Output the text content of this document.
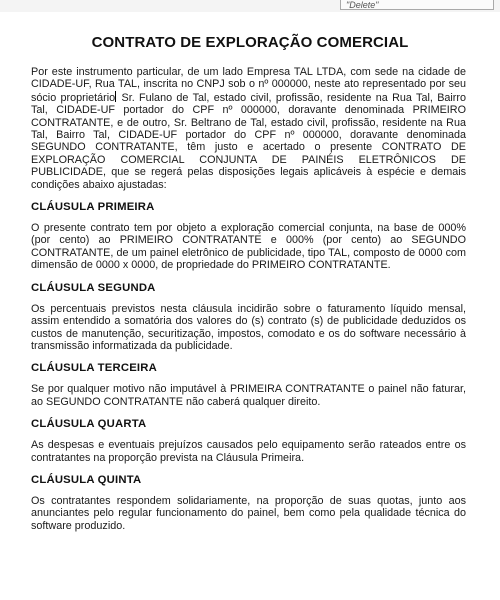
"Delete"
CONTRATO DE EXPLORAÇÃO COMERCIAL

Por este instrumento particular, de um lado Empresa TAL LTDA, com sede na cidade de CIDADE-UF, Rua TAL, inscrita no CNPJ sob o nº 000000, neste ato representado por seu sócio proprietário Sr. Fulano de Tal, estado civil, profissão, residente na Rua Tal, Bairro Tal, CIDADE-UF portador do CPF nº 000000, doravante denominada PRIMEIRO CONTRATANTE, e de outro, Sr. Beltrano de Tal, estado civil, profissão, residente na Rua Tal, Bairro Tal, CIDADE-UF portador do CPF nº 000000, doravante denominada SEGUNDO CONTRATANTE, têm justo e acertado o presente CONTRATO DE EXPLORAÇÃO COMERCIAL CONJUNTA DE PAINÉIS ELETRÔNICOS DE PUBLICIDADE, que se regerá pelas disposições legais aplicáveis à espécie e demais condições abaixo ajustadas:

CLÁUSULA PRIMEIRA

O presente contrato tem por objeto a exploração comercial conjunta, na base de 000% (por cento) ao PRIMEIRO CONTRATANTE e 000% (por cento) ao SEGUNDO CONTRATANTE, de um painel eletrônico de publicidade, tipo TAL, composto de 0000 com dimensão de 0000 x 0000, de propriedade do PRIMEIRO CONTRATANTE.

CLÁUSULA SEGUNDA

Os percentuais previstos nesta cláusula incidirão sobre o faturamento líquido mensal, assim entendido a somatória dos valores do (s) contrato (s) de publicidade deduzidos os custos de manutenção, securitização, impostos, comodato e os do software necessário à transmissão informatizada da publicidade.

CLÁUSULA TERCEIRA

Se por qualquer motivo não imputável à PRIMEIRA CONTRATANTE o painel não faturar, ao SEGUNDO CONTRATANTE não caberá qualquer direito.

CLÁUSULA QUARTA

As despesas e eventuais prejuízos causados pelo equipamento serão rateados entre os contratantes na proporção prevista na Cláusula Primeira.

CLÁUSULA QUINTA

Os contratantes respondem solidariamente, na proporção de suas quotas, junto aos anunciantes pelo regular funcionamento do painel, bem como pela qualidade técnica do software produzido.
